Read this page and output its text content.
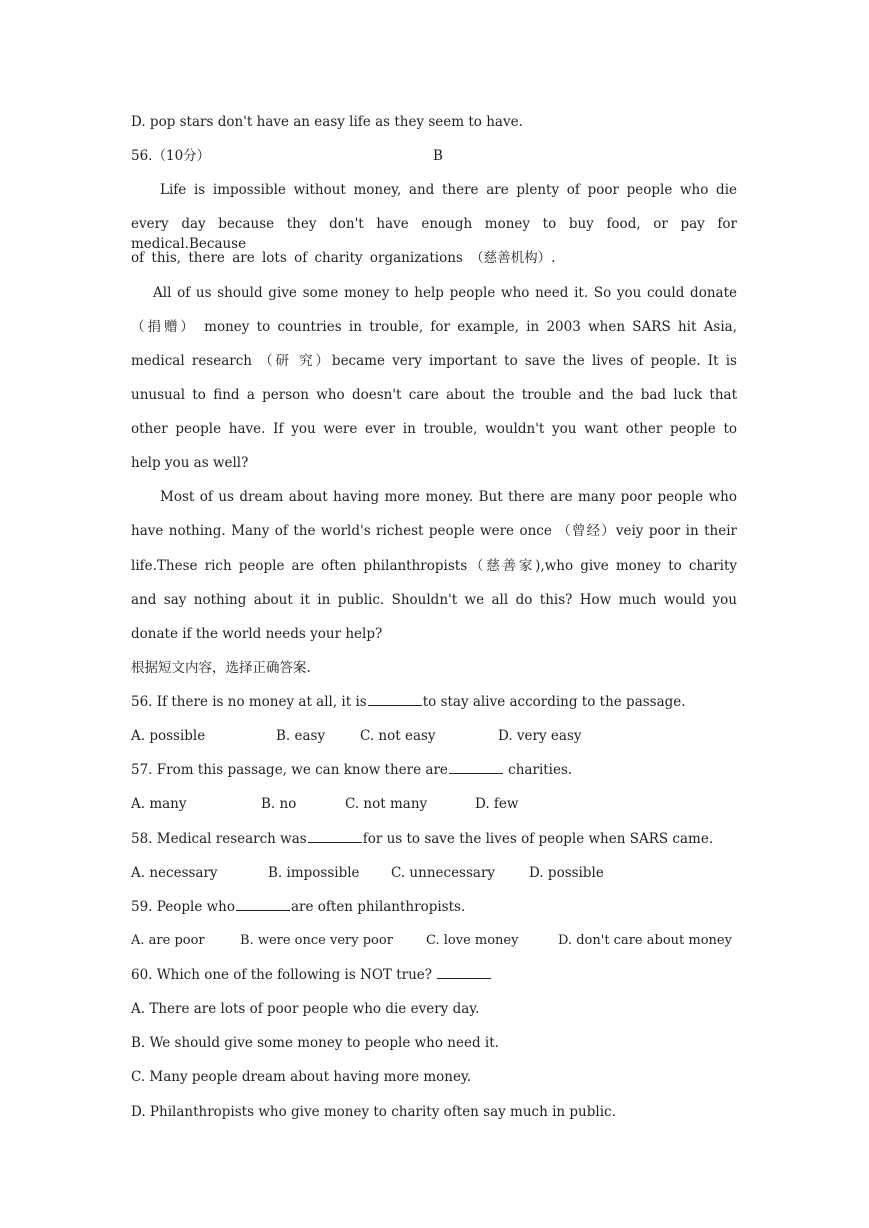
D. pop stars don't have an easy life as they seem to have.
56.（10分）	B
Life is impossible without money, and there are plenty of poor people who die
every day because they don't have enough money to buy food, or pay for medical.Because
of this, there are lots of charity organizations （慈善机构）.
All of us should give some money to help people who need it. So you could donate
（捐赠） money to countries in trouble, for example, in 2003 when SARS hit Asia,
medical research （研 究）became very important to save the lives of people. It is
unusual to find a person who doesn't care about the trouble and the bad luck that
other people have. If you were ever in trouble, wouldn't you want other people to
help you as well?
Most of us dream about having more money. But there are many poor people who
have nothing. Many of the world's richest people were once （曾经）veiy poor in their
life.These rich people are often philanthropists（慈善家),who give money to charity
and say nothing about it in public. Shouldn't we all do this? How much would you
donate if the world needs your help?
根据短文内容，选择正确答案.
56. If there is no money at all, it is	to stay alive according to the passage.
A. possible	B. easy	C. not easy	D. very easy
57. From this passage, we can know there are	charities.
A. many	B. no	C. not many	D. few
58. Medical research was	for us to save the lives of people when SARS came.
A. necessary	B. impossible C. unnecessary	D. possible
59. People who	are often philanthropists.
A. are poor	B. were once very poor	C. love money	D. don't care about money
60. Which one of the following is NOT true?
A. There are lots of poor people who die every day.
B. We should give some money to people who need it.
C. Many people dream about having more money.
D. Philanthropists who give money to charity often say much in public.
